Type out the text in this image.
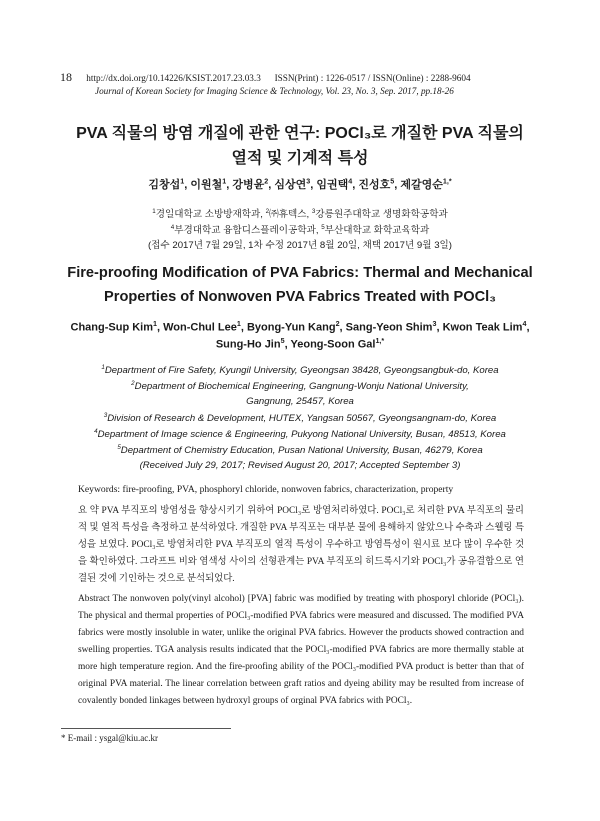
18 http://dx.doi.org/10.14226/KSIST.2017.23.03.3      ISSN(Print) : 1226-0517 / ISSN(Online) : 2288-9604
Journal of Korean Society for Imaging Science & Technology, Vol. 23, No. 3, Sep. 2017, pp.18-26
PVA 직물의 방염 개질에 관한 연구: POCl₃로 개질한 PVA 직물의
열적 및 기계적 특성
김창섭$^1$, 이원철$^1$, 강병윤$^2$, 심상연$^3$, 임권택$^4$, 진성호$^5$, 제갈영순$^{1,*}$
$^1$경일대학교 소방방재학과, $^2$㈜휴텍스, $^3$강릉원주대학교 생명화학공학과
$^4$부경대학교 융합디스플레이공학과, $^5$부산대학교 화학교육학과
(접수 2017년 7월 29일, 1차 수정 2017년 8월 20일, 채택 2017년 9월 3일)
Fire-proofing Modification of PVA Fabrics: Thermal and Mechanical
Properties of Nonwoven PVA Fabrics Treated with POCl₃
Chang-Sup Kim$^1$, Won-Chul Lee$^1$, Byong-Yun Kang$^2$, Sang-Yeon Shim$^3$, Kwon Teak Lim$^4$,
Sung-Ho Jin$^5$, Yeong-Soon Gal$^{1,*}$
$^1$Department of Fire Safety, Kyungil University, Gyeongsan 38428, Gyeongsangbuk-do, Korea
$^2$Department of Biochemical Engineering, Gangnung-Wonju National University,
Gangnung, 25457, Korea
$^3$Division of Research & Development, HUTEX, Yangsan 50567, Gyeongsangnam-do, Korea
$^4$Department of Image science & Engineering, Pukyong National University, Busan, 48513, Korea
$^5$Department of Chemistry Education, Pusan National University, Busan, 46279, Korea
(Received July 29, 2017; Revised August 20, 2017; Accepted September 3)
Keywords: fire-proofing, PVA, phosphoryl chloride, nonwoven fabrics, characterization, property
요 약 PVA 부직포의 방염성을 향상시키기 위하여 POCl₃로 방염처리하였다. POCl₃로 처리한 PVA 부직포의 물리적 및 열적 특성을 측정하고 분석하였다. 개질한 PVA 부직포는 대부분 물에 용해하지 않았으나 수축과 스웰링 특성을 보였다. POCl₃로 방염처리한 PVA 부직포의 열적 특성이 우수하고 방염특성이 원시료 보다 많이 우수한 것을 확인하였다. 그라프트 비와 염색성 사이의 선형관계는 PVA 부직포의 히드록시기와 POCl₃가 공유결합으로 연결된 것에 기인하는 것으로 분석되었다.
Abstract The nonwoven poly(vinyl alcohol) [PVA] fabric was modified by treating with phosporyl chloride (POCl₃). The physical and thermal properties of POCl₃-modified PVA fabrics were measured and discussed. The modified PVA fabrics were mostly insoluble in water, unlike the original PVA fabrics. However the products showed contraction and swelling properties. TGA analysis results indicated that the POCl₃-modified PVA fabrics are more thermally stable at more high temperature region. And the fire-proofing ability of the POCl₃-modified PVA product is better than that of original PVA material. The linear correlation between graft ratios and dyeing ability may be resulted from increase of covalently bonded linkages between hydroxyl groups of orginal PVA fabrics with POCl₃.
* E-mail : ysgal@kiu.ac.kr
